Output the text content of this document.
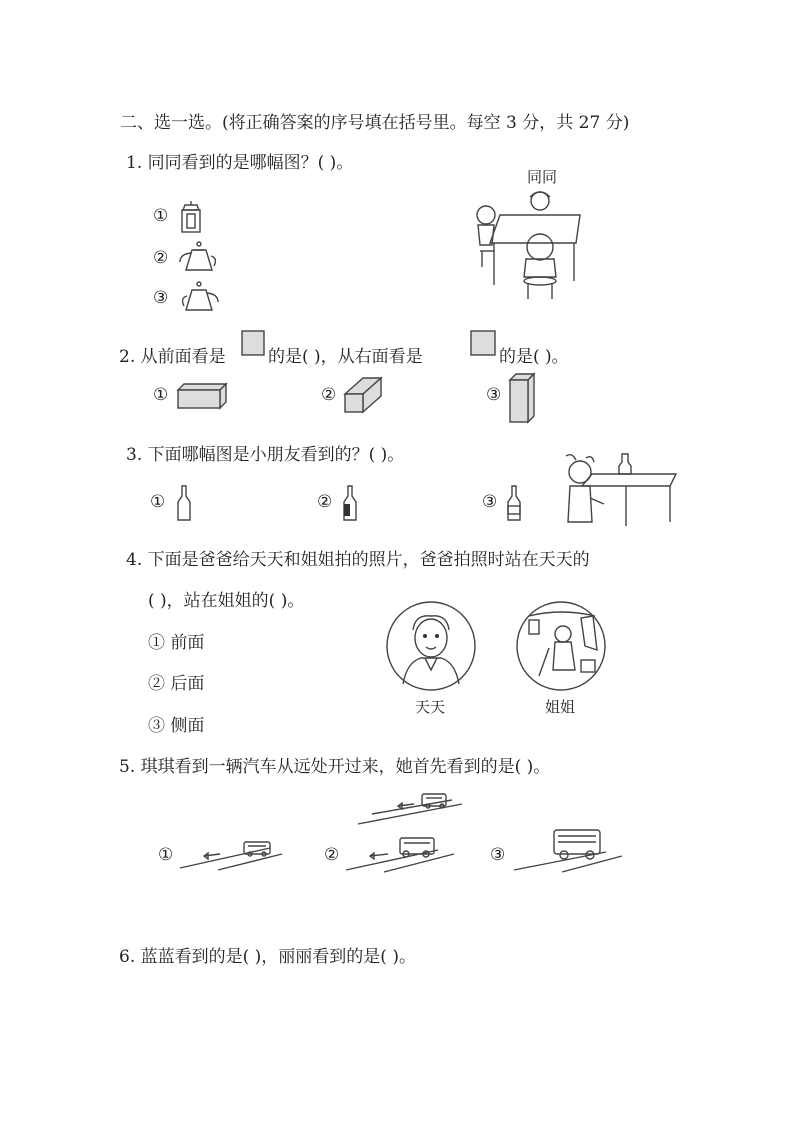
二、选一选。(将正确答案的序号填在括号里。每空 3 分，共 27 分)
1. 同同看到的是哪幅图？( )。
①
②
③
同同
2. 从前面看是 的是( )，从右面看是	的是( )。
①	②	③
3. 下面哪幅图是小朋友看到的？( )。
①	②	③
4. 下面是爸爸给天天和姐姐拍的照片，爸爸拍照时站在天天的
( )，站在姐姐的( )。
① 前面
② 后面
③ 侧面
天天	姐姐
5. 琪琪看到一辆汽车从远处开过来，她首先看到的是( )。
①	②	③
6. 蓝蓝看到的是( )，丽丽看到的是( )。
